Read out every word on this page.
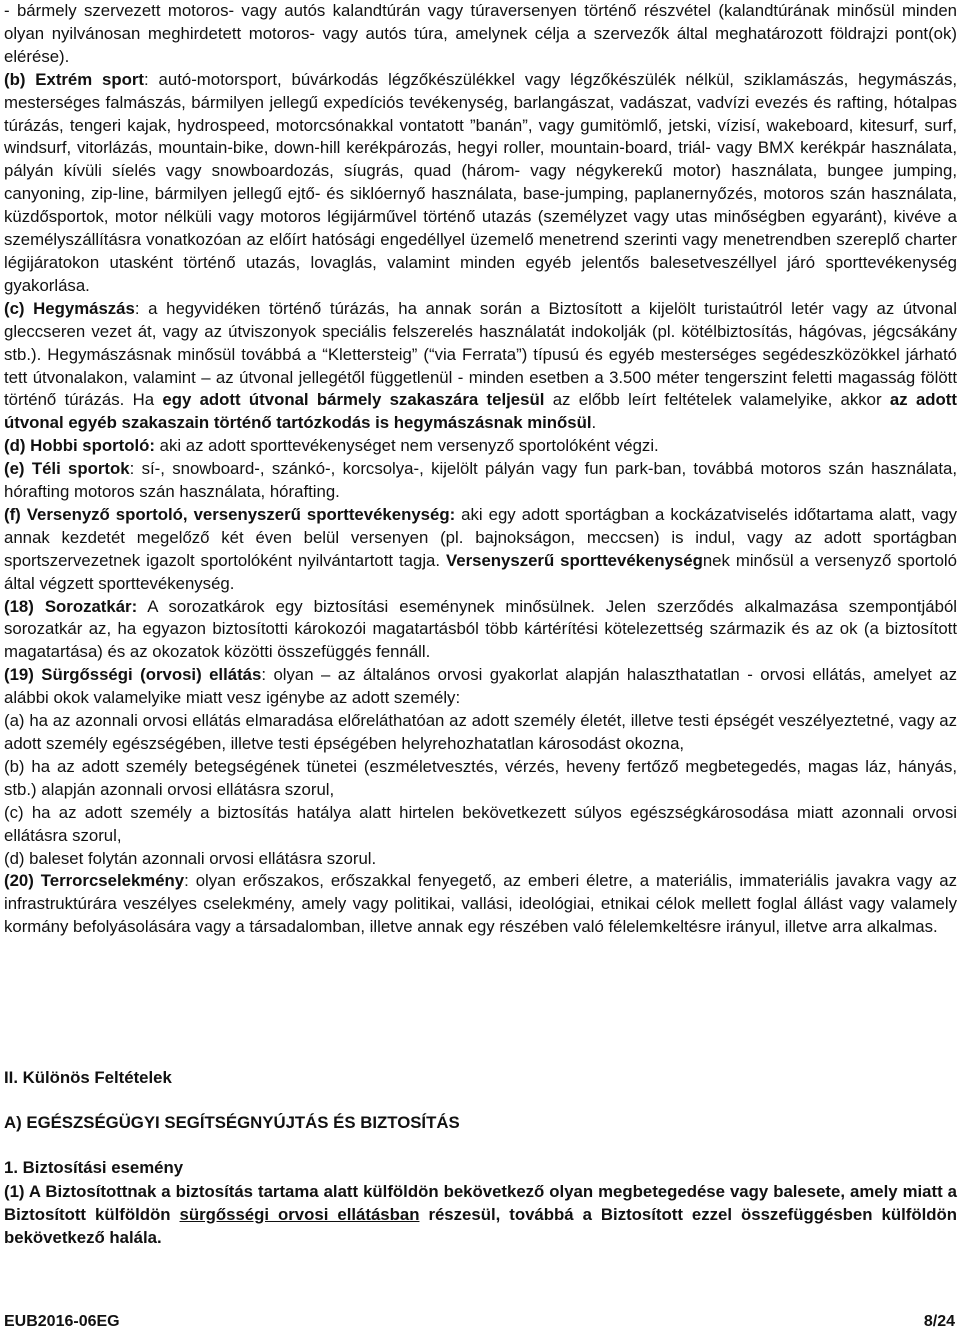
- bármely szervezett motoros- vagy autós kalandtúrán vagy túraversenyen történő részvétel (kalandtúrának minősül minden olyan nyilvánosan meghirdetett motoros- vagy autós túra, amelynek célja a szervezők által meghatározott földrajzi pont(ok) elérése).

(b) Extrém sport: autó-motorsport, búvárkodás légzőkészülékkel vagy légzőkészülék nélkül, sziklamászás, hegymászás, mesterséges falmászás, bármilyen jellegű expedíciós tevékenység, barlangászat, vadászat, vadvízi evezés és rafting, hótalpas túrázás, tengeri kajak, hydrospeed, motorcsónakkal vontatott ”banán”, vagy gumitömlő, jetski, vízisí, wakeboard, kitesurf, surf, windsurf, vitorlázás, mountain-bike, down-hill kerékpározás, hegyi roller, mountain-board, triál- vagy BMX kerékpár használata, pályán kívüli síelés vagy snowboardozás, síugrás, quad (három- vagy négykerekű motor) használata, bungee jumping, canyoning, zip-line, bármilyen jellegű ejtő- és siklóernyő használata, base-jumping, paplanernyőzés, motoros szán használata, küzdősportok, motor nélküli vagy motoros légijárművel történő utazás (személyzet vagy utas minőségben egyaránt), kivéve a személyszállításra vonatkozóan az előírt hatósági engedéllyel üzemelő menetrend szerinti vagy menetrendben szereplő charter légijáratokon utasként történő utazás, lovaglás, valamint minden egyéb jelentős balesetveszéllyel járó sporttevékenység gyakorlása.

(c) Hegymászás: a hegyvidéken történő túrázás, ha annak során a Biztosított a kijelölt turistaútról letér vagy az útvonal gleccseren vezet át, vagy az útviszonyok speciális felszerelés használatát indokolják (pl. kötélbiztosítás, hágóvas, jégcsákány stb.). Hegymászásnak minősül továbbá a “Klettersteig” (“via Ferrata”) típusú és egyéb mesterséges segédeszközökkel járható tett útvonalakon, valamint – az útvonal jellegétől függetlenül - minden esetben a 3.500 méter tengerszint feletti magasság fölött történő túrázás. Ha egy adott útvonal bármely szakaszára teljesül az előbb leírt feltételek valamelyike, akkor az adott útvonal egyéb szakaszain történő tartózkodás is hegymászásnak minősül.

(d) Hobbi sportoló: aki az adott sporttevékenységet nem versenyző sportolóként végzi.

(e) Téli sportok: sí-, snowboard-, szánkó-, korcsolya-, kijelölt pályán vagy fun park-ban, továbbá motoros szán használata, hórafting motoros szán használata, hórafting.

(f) Versenyző sportoló, versenyszerű sporttevékenység: aki egy adott sportágban a kockázatviselés időtartama alatt, vagy annak kezdetét megelőző két éven belül versenyen (pl. bajnokságon, meccsen) is indul, vagy az adott sportágban sportszervezetnek igazolt sportolóként nyilvántartott tagja. Versenyszerű sporttevékenységnek minősül a versenyző sportoló által végzett sporttevékenység.

(18) Sorozatkár: A sorozatkárok egy biztosítási eseménynek minősülnek. Jelen szerződés alkalmazása szempontjából sorozatkár az, ha egyazon biztosítotti károkozói magatartásból több kártérítési kötelezettség származik és az ok (a biztosított magatartása) és az okozatok közötti összefüggés fennáll.

(19) Sürgősségi (orvosi) ellátás: olyan – az általános orvosi gyakorlat alapján halaszthatatlan - orvosi ellátás, amelyet az alábbi okok valamelyike miatt vesz igénybe az adott személy:

(a) ha az azonnali orvosi ellátás elmaradása előreláthatóan az adott személy életét, illetve testi épségét veszélyeztetné, vagy az adott személy egészségében, illetve testi épségében helyrehozhatatlan károsodást okozna,

(b) ha az adott személy betegségének tünetei (eszméletvesztés, vérzés, heveny fertőző megbetegedés, magas láz, hányás, stb.) alapján azonnali orvosi ellátásra szorul,

(c) ha az adott személy a biztosítás hatálya alatt hirtelen bekövetkezett súlyos egészségkárosodása miatt azonnali orvosi ellátásra szorul,

(d) baleset folytán azonnali orvosi ellátásra szorul.

(20) Terrorcselekmény: olyan erőszakos, erőszakkal fenyegető, az emberi életre, a materiális, immateriális javakra vagy az infrastruktúrára veszélyes cselekmény, amely vagy politikai, vallási, ideológiai, etnikai célok mellett foglal állást vagy valamely kormány befolyásolására vagy a társadalomban, illetve annak egy részében való félelemkeltésre irányul, illetve arra alkalmas.

II. Különös Feltételek

A) EGÉSZSÉGÜGYI SEGÍTSÉGNYÚJTÁS ÉS BIZTOSÍTÁS

1. Biztosítási esemény

(1) A Biztosítottnak a biztosítás tartama alatt külföldön bekövetkező olyan megbetegedése vagy balesete, amely miatt a Biztosított külföldön sürgősségi orvosi ellátásban részesül, továbbá a Biztosított ezzel összefüggésben külföldön bekövetkező halála.

EUB2016-06EG	8/24
